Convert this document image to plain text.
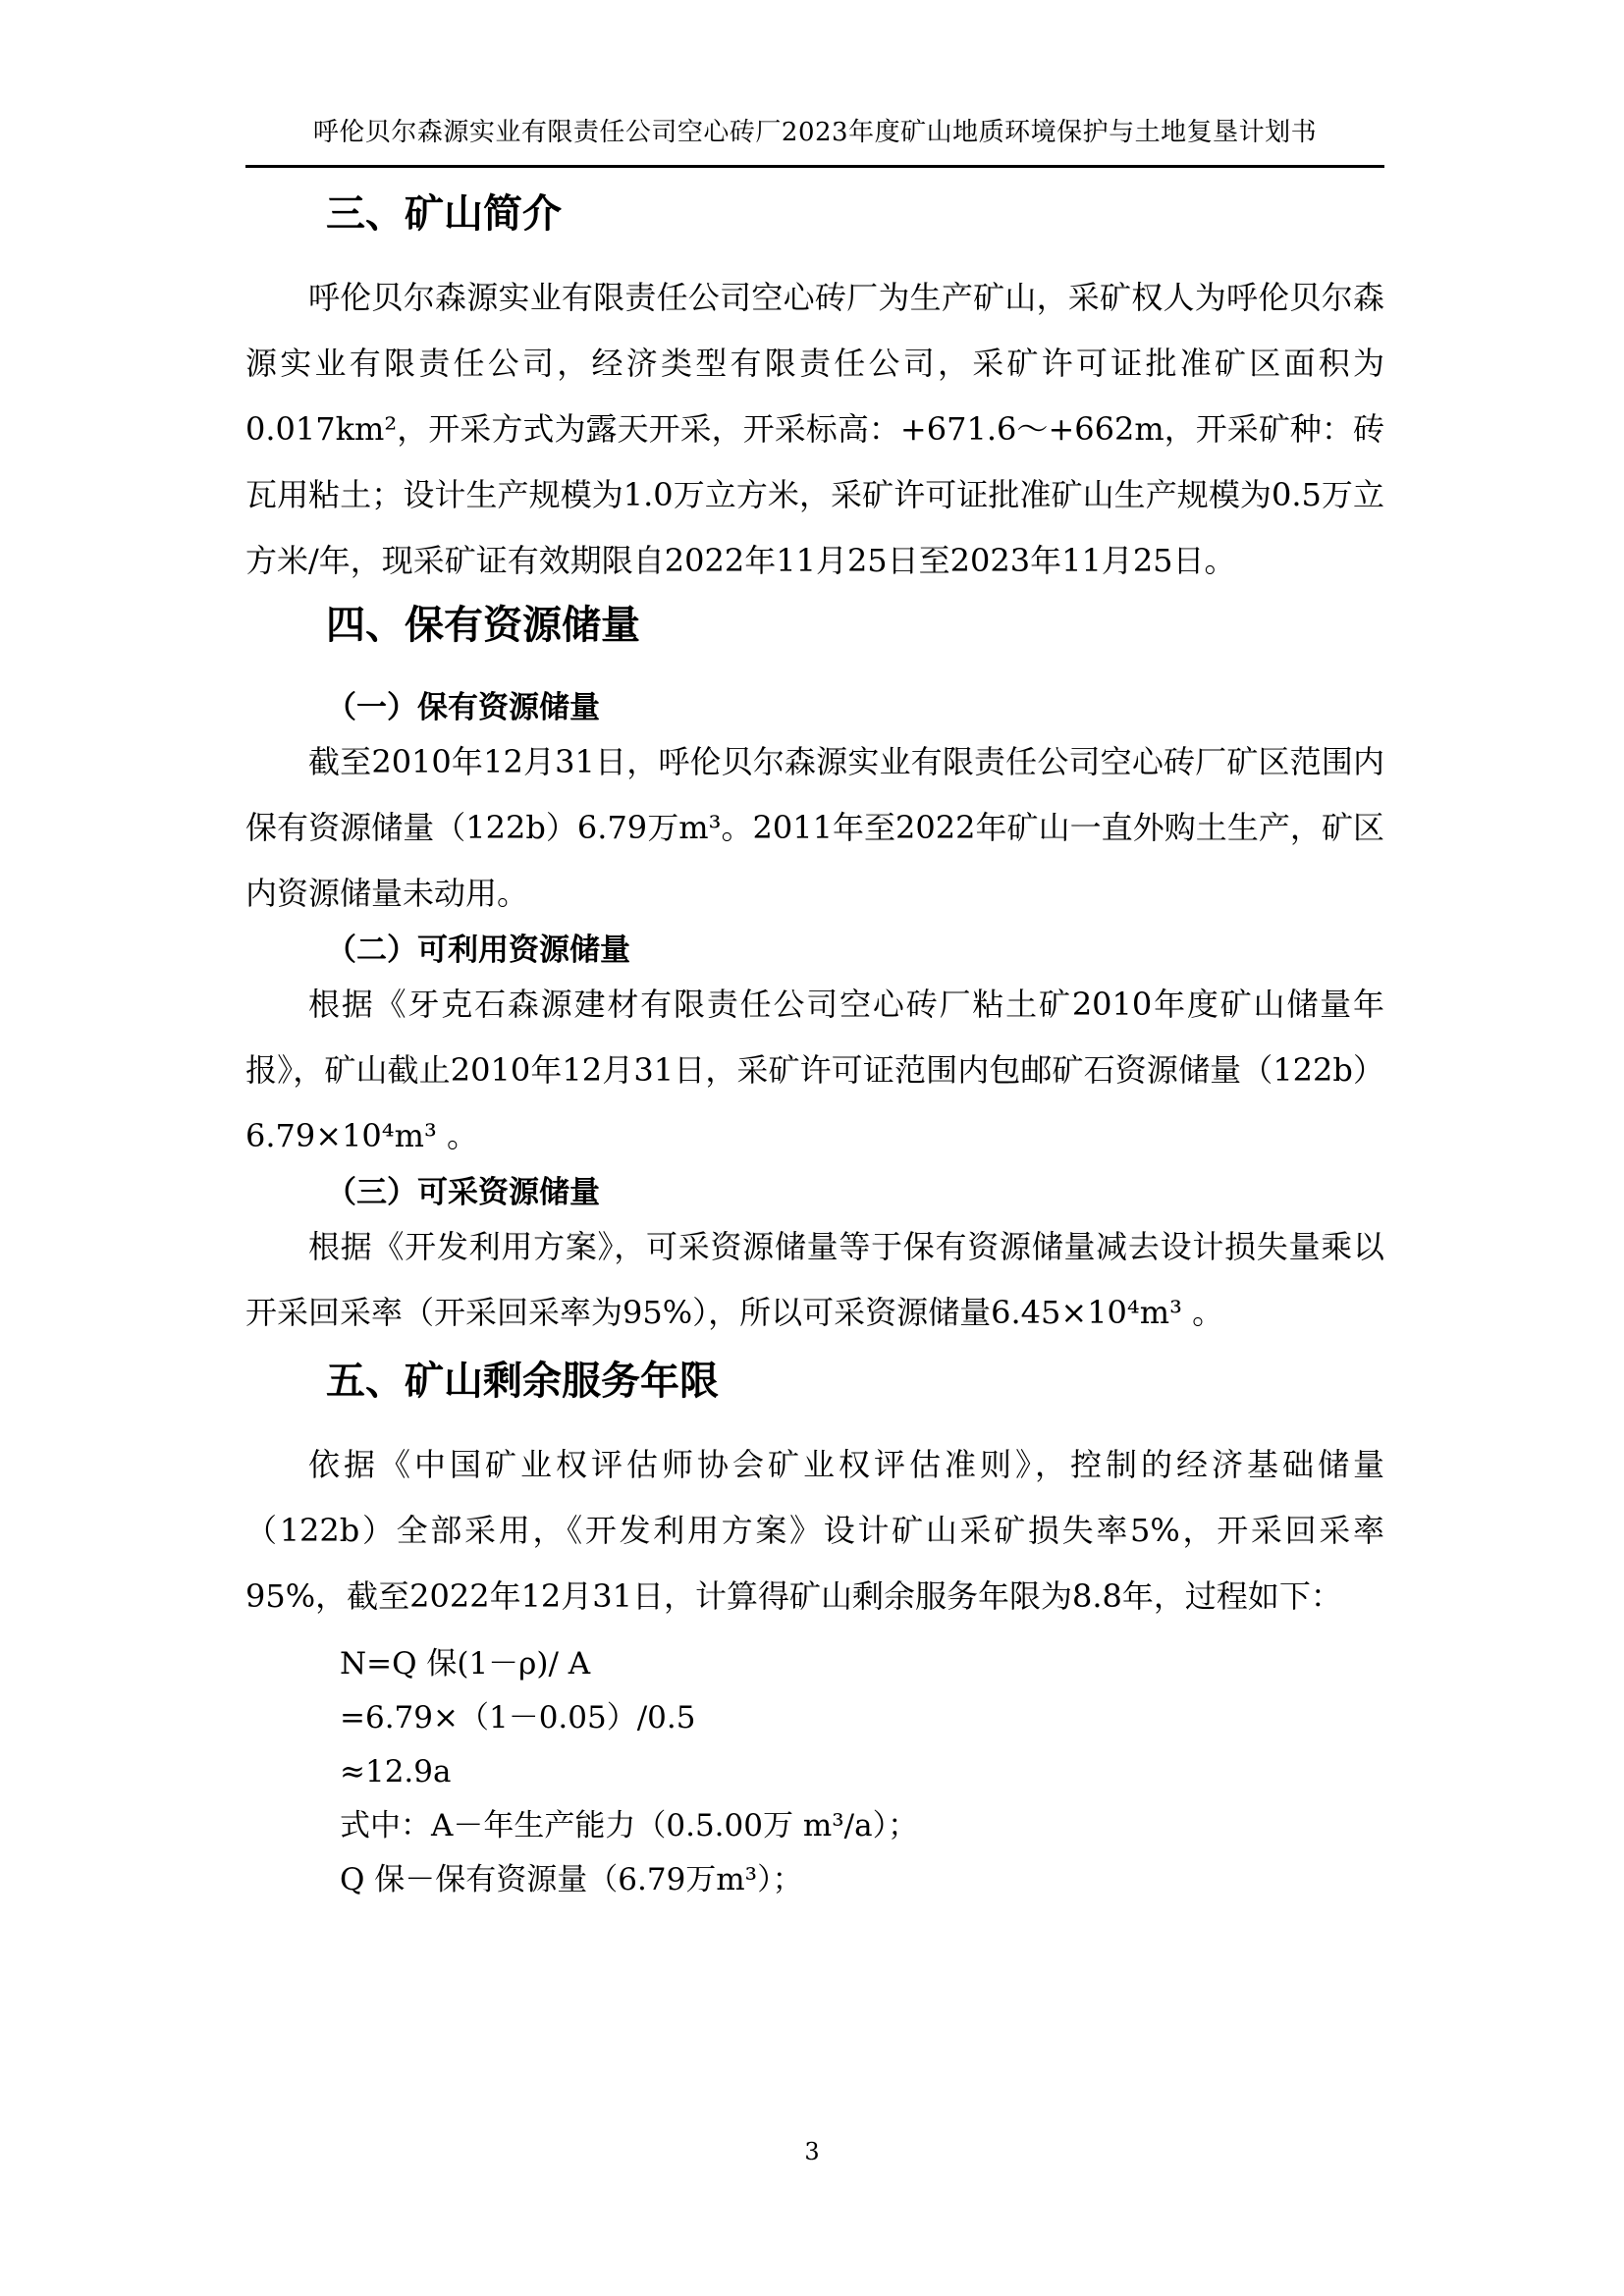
呼伦贝尔森源实业有限责任公司空心砖厂2023年度矿山地质环境保护与土地复垦计划书
三、矿山简介

呼伦贝尔森源实业有限责任公司空心砖厂为生产矿山，采矿权人为呼伦贝尔森源实业有限责任公司，经济类型有限责任公司，采矿许可证批准矿区面积为0.017km²，开采方式为露天开采，开采标高：+671.6～+662m，开采矿种：砖瓦用粘土；设计生产规模为1.0万立方米，采矿许可证批准矿山生产规模为0.5万立方米/年，现采矿证有效期限自2022年11月25日至2023年11月25日。

四、保有资源储量
（一）保有资源储量

截至2010年12月31日，呼伦贝尔森源实业有限责任公司空心砖厂矿区范围内保有资源储量（122b）6.79万m³。2011年至2022年矿山一直外购土生产，矿区内资源储量未动用。

（二）可利用资源储量

根据《牙克石森源建材有限责任公司空心砖厂粘土矿2010年度矿山储量年报》，矿山截止2010年12月31日，采矿许可证范围内包邮矿石资源储量（122b）6.79×10⁴m³ 。

（三）可采资源储量

根据《开发利用方案》，可采资源储量等于保有资源储量减去设计损失量乘以开采回采率（开采回采率为95%），所以可采资源储量6.45×10⁴m³ 。

五、矿山剩余服务年限

依据《中国矿业权评估师协会矿业权评估准则》，控制的经济基础储量（122b）全部采用，《开发利用方案》设计矿山采矿损失率5%，开采回采率95%，截至2022年12月31日，计算得矿山剩余服务年限为8.8年，过程如下：

N=Q 保(1－ρ)/ A

=6.79×（1－0.05）/0.5

≈12.9a

式中：A－年生产能力（0.5.00万 m³/a）；

Q 保－保有资源量（6.79万m³）；

3
